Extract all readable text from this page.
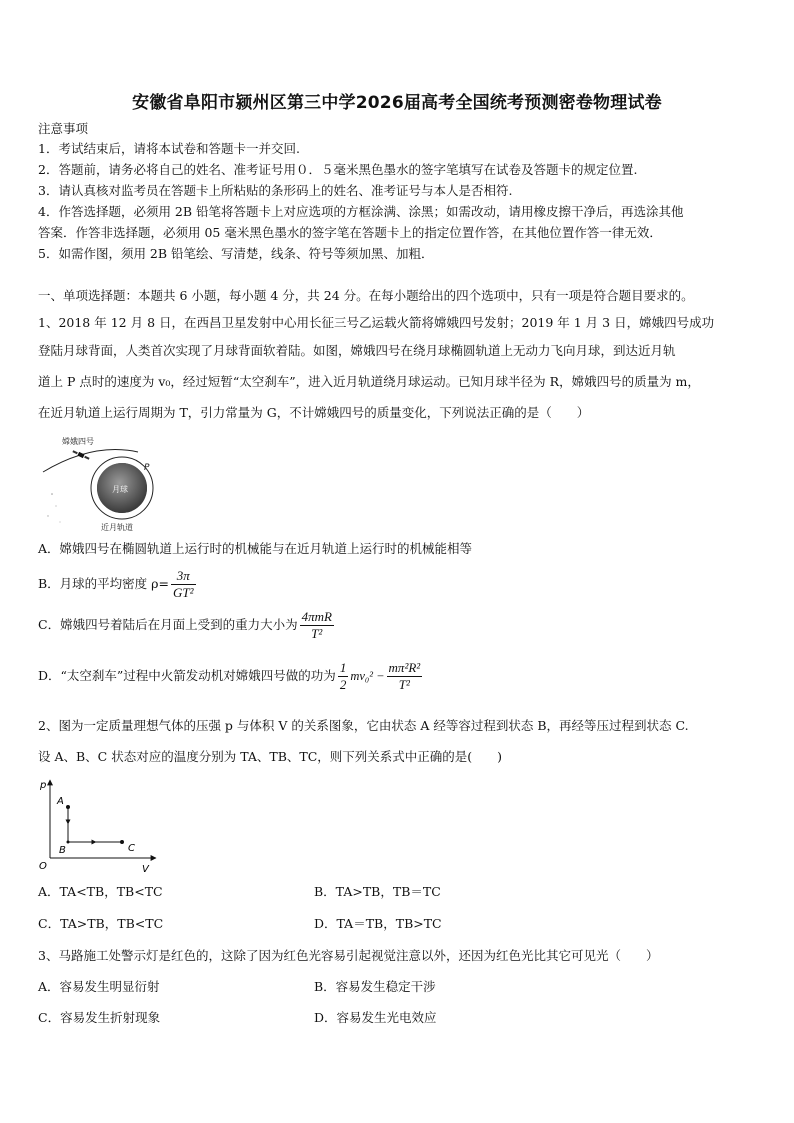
安徽省阜阳市颍州区第三中学2026届高考全国统考预测密卷物理试卷
注意事项
1．考试结束后，请将本试卷和答题卡一并交回.
2．答题前，请务必将自己的姓名、准考证号用０．５毫米黑色墨水的签字笔填写在试卷及答题卡的规定位置.
3．请认真核对监考员在答题卡上所粘贴的条形码上的姓名、准考证号与本人是否相符.
4．作答选择题，必须用 2B 铅笔将答题卡上对应选项的方框涂满、涂黑；如需改动，请用橡皮擦干净后，再选涂其他
答案．作答非选择题，必须用 05 毫米黑色墨水的签字笔在答题卡上的指定位置作答，在其他位置作答一律无效．
5．如需作图，须用 2B 铅笔绘、写清楚，线条、符号等须加黑、加粗．
一、单项选择题：本题共 6 小题，每小题 4 分，共 24 分。在每小题给出的四个选项中，只有一项是符合题目要求的。
1、2018 年 12 月 8 日，在西昌卫星发射中心用长征三号乙运载火箭将嫦娥四号发射；2019 年 1 月 3 日，嫦娥四号成功
登陆月球背面，人类首次实现了月球背面软着陆。如图，嫦娥四号在绕月球椭圆轨道上无动力飞向月球，到达近月轨
道上 P 点时的速度为 v₀，经过短暂“太空刹车”，进入近月轨道绕月球运动。已知月球半径为 R，嫦娥四号的质量为 m，
在近月轨道上运行周期为 T，引力常量为 G，不计嫦娥四号的质量变化，下列说法正确的是（　　）
月球
嫦娥四号
P
近月轨道
A．嫦娥四号在椭圆轨道上运行时的机械能与在近月轨道上运行时的机械能相等
B．月球的平均密度 $\rho= \frac{3\pi}{\text{GT²}}$
C．嫦娥四号着陆后在月面上受到的重力大小为 $\frac{\text{4πmR}}{\text{T²}}$
D．“太空刹车”过程中火箭发动机对嫦娥四号做的功为 $\frac{1}{2} mv_0^2 - \frac{\text{mπ²R²}}{\text{T²}}$
2、图为一定质量理想气体的压强 p 与体积 V 的关系图象，它由状态 A 经等容过程到状态 B，再经等压过程到状态 C.
设 A、B、C 状态对应的温度分别为 TA、TB、TC，则下列关系式中正确的是(　　)
p
V
O
A
B	C
A．TA<TB，TB<TC	B．TA>TB，TB＝TC
C．TA>TB，TB<TC	D．TA＝TB，TB>TC
3、马路施工处警示灯是红色的，这除了因为红色光容易引起视觉注意以外，还因为红色光比其它可见光（　　）
A．容易发生明显衍射	B．容易发生稳定干涉
C．容易发生折射现象	D．容易发生光电效应
